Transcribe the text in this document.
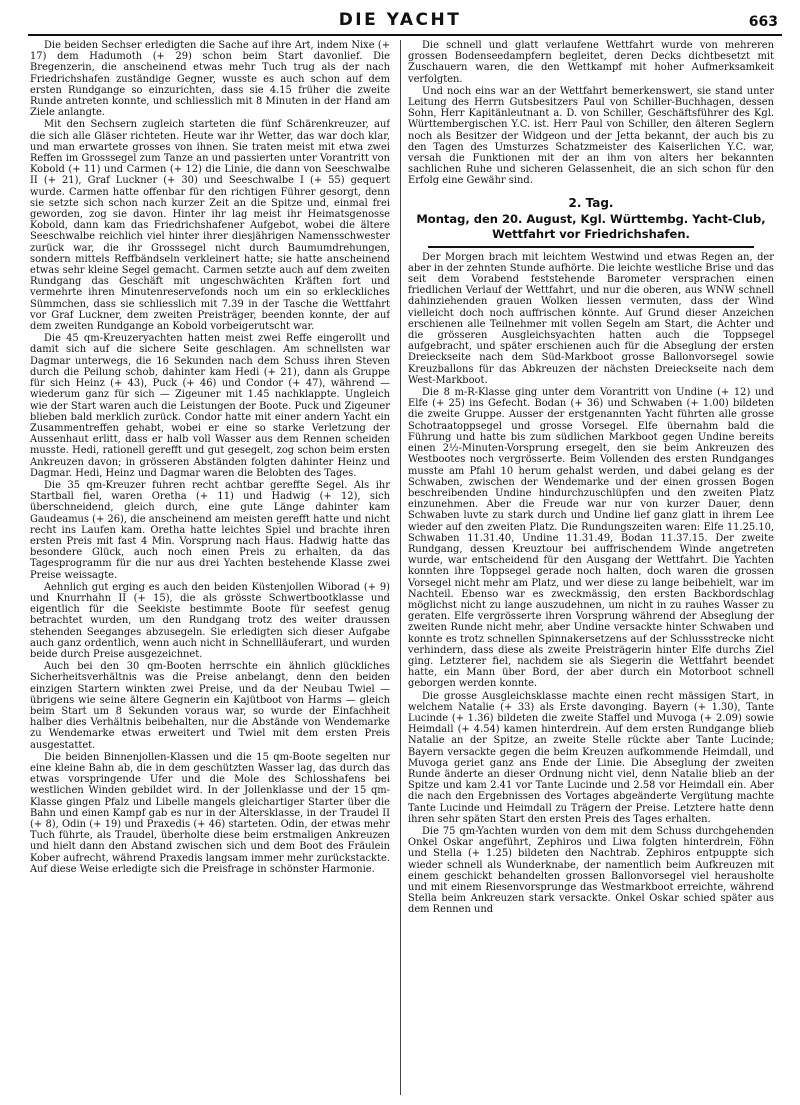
DIE YACHT	663

Die beiden Sechser erledigten die Sache auf ihre Art, indem Nixe (+ 17) dem Hadumoth (+ 29) schon beim Start davonlief. Die Bregenzerin, die anscheinend etwas mehr Tuch trug als der nach Friedrichshafen zuständige Gegner, wusste es auch schon auf dem ersten Rundgange so einzurichten, dass sie 4.15 früher die zweite Runde antreten konnte, und schliesslich mit 8 Minuten in der Hand am Ziele anlangte.

Mit den Sechsern zugleich starteten die fünf Schärenkreuzer, auf die sich alle Gläser richteten. Heute war ihr Wetter, das war doch klar, und man erwartete grosses von ihnen. Sie traten meist mit etwa zwei Reffen im Grosssegel zum Tanze an und passierten unter Vorantritt von Kobold (+ 11) und Carmen (+ 12) die Linie, die dann von Seeschwalbe II (+ 21), Graf Luckner (+ 30) und Seeschwalbe I (+ 55) gequert wurde. Carmen hatte offenbar für den richtigen Führer gesorgt, denn sie setzte sich schon nach kurzer Zeit an die Spitze und, einmal frei geworden, zog sie davon. Hinter ihr lag meist ihr Heimatsgenosse Kobold, dann kam das Friedrichshafener Aufgebot, wobei die ältere Seeschwalbe reichlich viel hinter ihrer diesjährigen Namensschwester zurück war, die ihr Grosssegel nicht durch Baumumdrehungen, sondern mittels Reffbändseln verkleinert hatte; sie hatte anscheinend etwas sehr kleine Segel gemacht. Carmen setzte auch auf dem zweiten Rundgang das Geschäft mit ungeschwächten Kräften fort und vermehrte ihren Minutenreservefonds noch um ein so erkleckliches Sümmchen, dass sie schliesslich mit 7.39 in der Tasche die Wettfahrt vor Graf Luckner, dem zweiten Preisträger, beenden konnte, der auf dem zweiten Rundgange an Kobold vorbeigerutscht war.

Die 45 qm-Kreuzeryachten hatten meist zwei Reffe eingerollt und damit sich auf die sichere Seite geschlagen. Am schnellsten war Dagmar unterwegs, die 16 Sekunden nach dem Schuss ihren Steven durch die Peilung schob, dahinter kam Hedi (+ 21), dann als Gruppe für sich Heinz (+ 43), Puck (+ 46) und Condor (+ 47), während — wiederum ganz für sich — Zigeuner mit 1.45 nachklappte. Ungleich wie der Start waren auch die Leistungen der Boote. Puck und Zigeuner blieben bald merklich zurück. Condor hatte mit einer andern Yacht ein Zusammentreffen gehabt, wobei er eine so starke Verletzung der Aussenhaut erlitt, dass er halb voll Wasser aus dem Rennen scheiden musste. Hedi, rationell gerefft und gut gesegelt, zog schon beim ersten Ankreuzen davon; in grösseren Abständen folgten dahinter Heinz und Dagmar. Hedi, Heinz und Dagmar waren die Belobten des Tages.

Die 35 qm-Kreuzer fuhren recht achtbar gereffte Segel. Als ihr Startball fiel, waren Oretha (+ 11) und Hadwig (+ 12), sich überschneidend, gleich durch, eine gute Länge dahinter kam Gaudeamus (+ 26), die anscheinend am meisten gerefft hatte und nicht recht ins Laufen kam. Oretha hatte leichtes Spiel und brachte ihren ersten Preis mit fast 4 Min. Vorsprung nach Haus. Hadwig hatte das besondere Glück, auch noch einen Preis zu erhalten, da das Tagesprogramm für die nur aus drei Yachten bestehende Klasse zwei Preise weissagte.

Aehnlich gut erging es auch den beiden Küstenjollen Wiborad (+ 9) und Knurrhahn II (+ 15), die als grösste Schwertbootklasse und eigentlich für die Seekiste bestimmte Boote für seefest genug betrachtet wurden, um den Rundgang trotz des weiter draussen stehenden Seeganges abzusegeln. Sie erledigten sich dieser Aufgabe auch ganz ordentlich, wenn auch nicht in Schnellläuferart, und wurden beide durch Preise ausgezeichnet.

Auch bei den 30 qm-Booten herrschte ein ähnlich glückliches Sicherheitsverhältnis was die Preise anbelangt, denn den beiden einzigen Startern winkten zwei Preise, und da der Neubau Twiel — übrigens wie seine ältere Gegnerin ein Kajütboot von Harms — gleich beim Start um 8 Sekunden voraus war, so wurde der Einfachheit halber dies Verhältnis beibehalten, nur die Abstände von Wendemarke zu Wendemarke etwas erweitert und Twiel mit dem ersten Preis ausgestattet.

Die beiden Binnenjollen-Klassen und die 15 qm-Boote segelten nur eine kleine Bahn ab, die in dem geschützten Wasser lag, das durch das etwas vorspringende Ufer und die Mole des Schlosshafens bei westlichen Winden gebildet wird. In der Jollenklasse und der 15 qm-Klasse gingen Pfalz und Libelle mangels gleichartiger Starter über die Bahn und einen Kampf gab es nur in der Altersklasse, in der Traudel II (+ 8), Odin (+ 19) und Praxedis (+ 46) starteten. Odin, der etwas mehr Tuch führte, als Traudel, überholte diese beim erstmaligen Ankreuzen und hielt dann den Abstand zwischen sich und dem Boot des Fräulein Kober aufrecht, während Praxedis langsam immer mehr zurückstackte. Auf diese Weise erledigte sich die Preisfrage in schönster Harmonie.

Die schnell und glatt verlaufene Wettfahrt wurde von mehreren grossen Bodenseedampfern begleitet, deren Decks dichtbesetzt mit Zuschauern waren, die den Wettkampf mit hoher Aufmerksamkeit verfolgten.

Und noch eins war an der Wettfahrt bemerkenswert, sie stand unter Leitung des Herrn Gutsbesitzers Paul von Schiller-Buchhagen, dessen Sohn, Herr Kapitänleutnant a. D. von Schiller, Geschäftsführer des Kgl. Württembergischen Y.C. ist. Herr Paul von Schiller, den älteren Seglern noch als Besitzer der Widgeon und der Jetta bekannt, der auch bis zu den Tagen des Umsturzes Schatzmeister des Kaiserlichen Y.C. war, versah die Funktionen mit der an ihm von alters her bekannten sachlichen Ruhe und sicheren Gelassenheit, die an sich schon für den Erfolg eine Gewähr sind.

2. Tag.
Montag, den 20. August, Kgl. Württembg. Yacht-Club, Wettfahrt vor Friedrichshafen.

Der Morgen brach mit leichtem Westwind und etwas Regen an, der aber in der zehnten Stunde aufhörte. Die leichte westliche Brise und das seit dem Vorabend feststehende Barometer versprachen einen friedlichen Verlauf der Wettfahrt, und nur die oberen, aus WNW schnell dahinziehenden grauen Wolken liessen vermuten, dass der Wind vielleicht doch noch auffrischen könnte. Auf Grund dieser Anzeichen erschienen alle Teilnehmer mit vollen Segeln am Start, die Achter und die grösseren Ausgleichsyachten hatten auch die Toppsegel aufgebracht, und später erschienen auch für die Abseglung der ersten Dreieckseite nach dem Süd-Markboot grosse Ballonvorsegel sowie Kreuzballons für das Abkreuzen der nächsten Dreieckseite nach dem West-Markboot.

Die 8 m-R-Klasse ging unter dem Vorantritt von Undine (+ 12) und Elfe (+ 25) ins Gefecht. Bodan (+ 36) und Schwaben (+ 1.00) bildeten die zweite Gruppe. Ausser der erstgenannten Yacht führten alle grosse Schotraatoppsegel und grosse Vorsegel. Elfe übernahm bald die Führung und hatte bis zum südlichen Markboot gegen Undine bereits einen 2½-Minuten-Vorsprung ersegelt, den sie beim Ankreuzen des Westbootes noch vergrösserte. Beim Vollenden des ersten Rundganges musste am Pfahl 10 herum gehalst werden, und dabei gelang es der Schwaben, zwischen der Wendemarke und der einen grossen Bogen beschreibenden Undine hindurchzuschlüpfen und den zweiten Platz einzunehmen. Aber die Freude war nur von kurzer Dauer, denn Schwaben luvte zu stark durch und Undine lief ganz glatt in ihrem Lee wieder auf den zweiten Platz. Die Rundungszeiten waren: Elfe 11.25.10, Schwaben 11.31.40, Undine 11.31.49, Bodan 11.37.15. Der zweite Rundgang, dessen Kreuztour bei auffrischendem Winde angetreten wurde, war entscheidend für den Ausgang der Wettfahrt. Die Yachten konnten ihre Toppsegel gerade noch halten, doch waren die grossen Vorsegel nicht mehr am Platz, und wer diese zu lange beibehielt, war im Nachteil. Ebenso war es zweckmässig, den ersten Backbordschlag möglichst nicht zu lange auszudehnen, um nicht in zu rauhes Wasser zu geraten. Elfe vergrösserte ihren Vorsprung während der Abseglung der zweiten Runde nicht mehr, aber Undine versackte hinter Schwaben und konnte es trotz schnellen Spinnakersetzens auf der Schlussstrecke nicht verhindern, dass diese als zweite Preisträgerin hinter Elfe durchs Ziel ging. Letzterer fiel, nachdem sie als Siegerin die Wettfahrt beendet hatte, ein Mann über Bord, der aber durch ein Motorboot schnell geborgen werden konnte.

Die grosse Ausgleichsklasse machte einen recht mässigen Start, in welchem Natalie (+ 33) als Erste davonging. Bayern (+ 1.30), Tante Lucinde (+ 1.36) bildeten die zweite Staffel und Muvoga (+ 2.09) sowie Heimdall (+ 4.54) kamen hinterdrein. Auf dem ersten Rundgange blieb Natalie an der Spitze, an zweite Stelle rückte aber Tante Lucinde; Bayern versackte gegen die beim Kreuzen aufkommende Heimdall, und Muvoga geriet ganz ans Ende der Linie. Die Abseglung der zweiten Runde änderte an dieser Ordnung nicht viel, denn Natalie blieb an der Spitze und kam 2.41 vor Tante Lucinde und 2.58 vor Heimdall ein. Aber die nach den Ergebnissen des Vortages abgeänderte Vergütung machte Tante Lucinde und Heimdall zu Trägern der Preise. Letztere hatte denn ihren sehr späten Start den ersten Preis des Tages erhalten.

Die 75 qm-Yachten wurden von dem mit dem Schuss durchgehenden Onkel Oskar angeführt, Zephiros und Liwa folgten hinterdrein, Föhn und Stella (+ 1.25) bildeten den Nachtrab. Zephiros entpuppte sich wieder schnell als Wunderknabe, der namentlich beim Aufkreuzen mit einem geschickt behandelten grossen Ballonvorsegel viel herausholte und mit einem Riesenvorsprunge das Westmarkboot erreichte, während Stella beim Ankreuzen stark versackte. Onkel Oskar schied später aus dem Rennen und
